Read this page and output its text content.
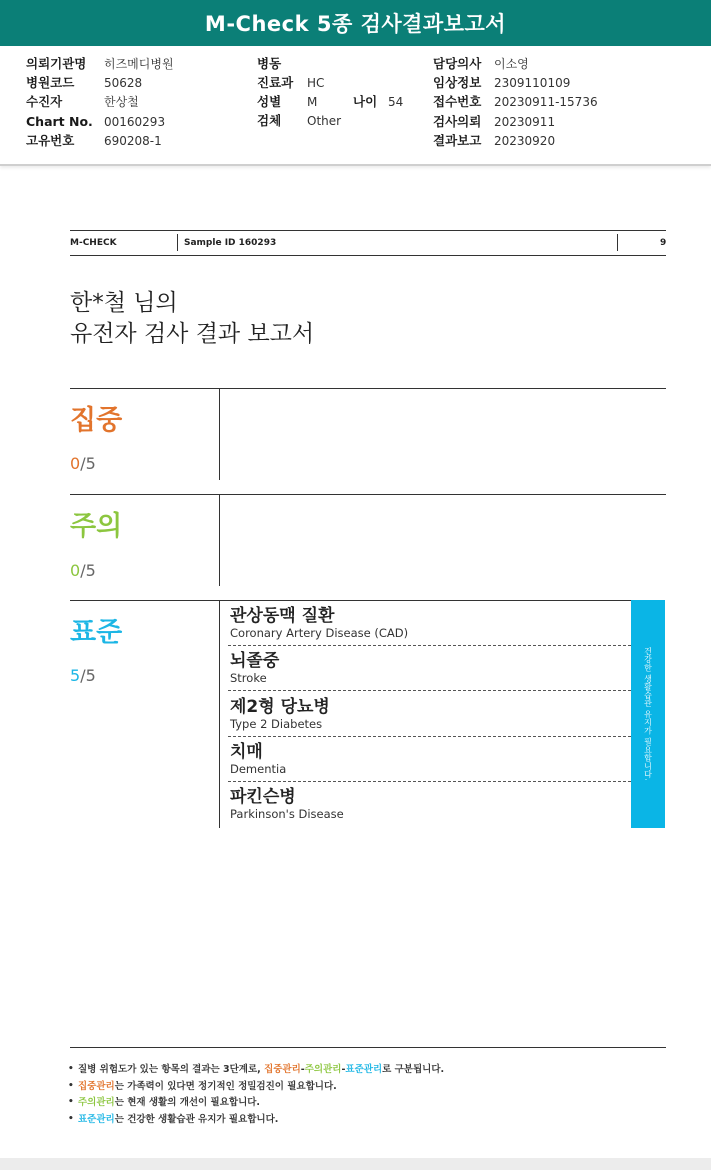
M-Check 5종 검사결과보고서
의뢰기관명 히즈메디병원
병원코드 50628
수진자	한상철
Chart No. 00160293
고유번호 690208-1
병동
진료과 HC
성별 M	나이 54
검체 Other
담당의사 이소영
임상정보 2309110109
접수번호 20230911-15736
검사의뢰 20230911
결과보고 20230920
M-CHECK	Sample ID 160293	9
한*철 님의
유전자 검사 결과 보고서
집중
0/5
주의
0/5
표준
5/5
관상동맥 질환
Coronary Artery Disease (CAD)
뇌졸중
Stroke
제2형 당뇨병
Type 2 Diabetes
치매
Dementia
파킨슨병
Parkinson's Disease
건강한 생활습관 유지가 필요합니다.
• 질병 위험도가 있는 항목의 결과는 3단계로, 집중관리-주의관리-표준관리로 구분됩니다.
• 집중관리는 가족력이 있다면 정기적인 정밀검진이 필요합니다.
• 주의관리는 현재 생활의 개선이 필요합니다.
• 표준관리는 건강한 생활습관 유지가 필요합니다.
